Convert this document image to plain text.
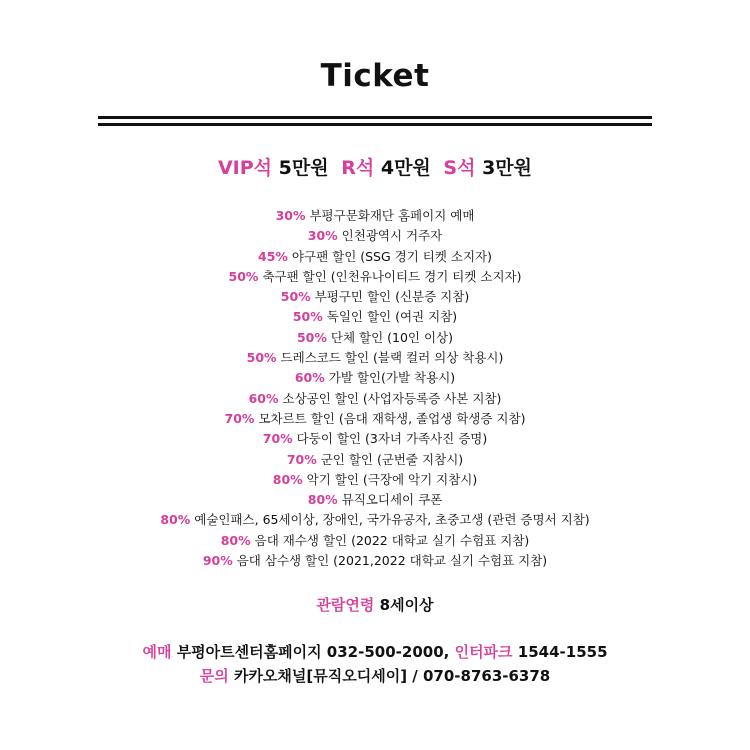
Ticket
VIP석 5만원 R석 4만원 S석 3만원
30% 부평구문화재단 홈페이지 예매
30% 인천광역시 거주자
45% 야구팬 할인 (SSG 경기 티켓 소지자)
50% 축구팬 할인 (인천유나이티드 경기 티켓 소지자)
50% 부평구민 할인 (신분증 지참)
50% 독일인 할인 (여권 지참)
50% 단체 할인 (10인 이상)
50% 드레스코드 할인 (블랙 컬러 의상 착용시)
60% 가발 할인(가발 착용시)
60% 소상공인 할인 (사업자등록증 사본 지참)
70% 모차르트 할인 (음대 재학생, 졸업생 학생증 지참)
70% 다둥이 할인 (3자녀 가족사진 증명)
70% 군인 할인 (군번줄 지참시)
80% 악기 할인 (극장에 악기 지참시)
80% 뮤직오디세이 쿠폰
80% 예술인패스, 65세이상, 장애인, 국가유공자, 초중고생 (관련 증명서 지참)
80% 음대 재수생 할인 (2022 대학교 실기 수험표 지참)
90% 음대 삼수생 할인 (2021,2022 대학교 실기 수험표 지참)
관람연령 8세이상
예매 부평아트센터홈페이지 032-500-2000, 인터파크 1544-1555
문의 카카오채널[뮤직오디세이] / 070-8763-6378
